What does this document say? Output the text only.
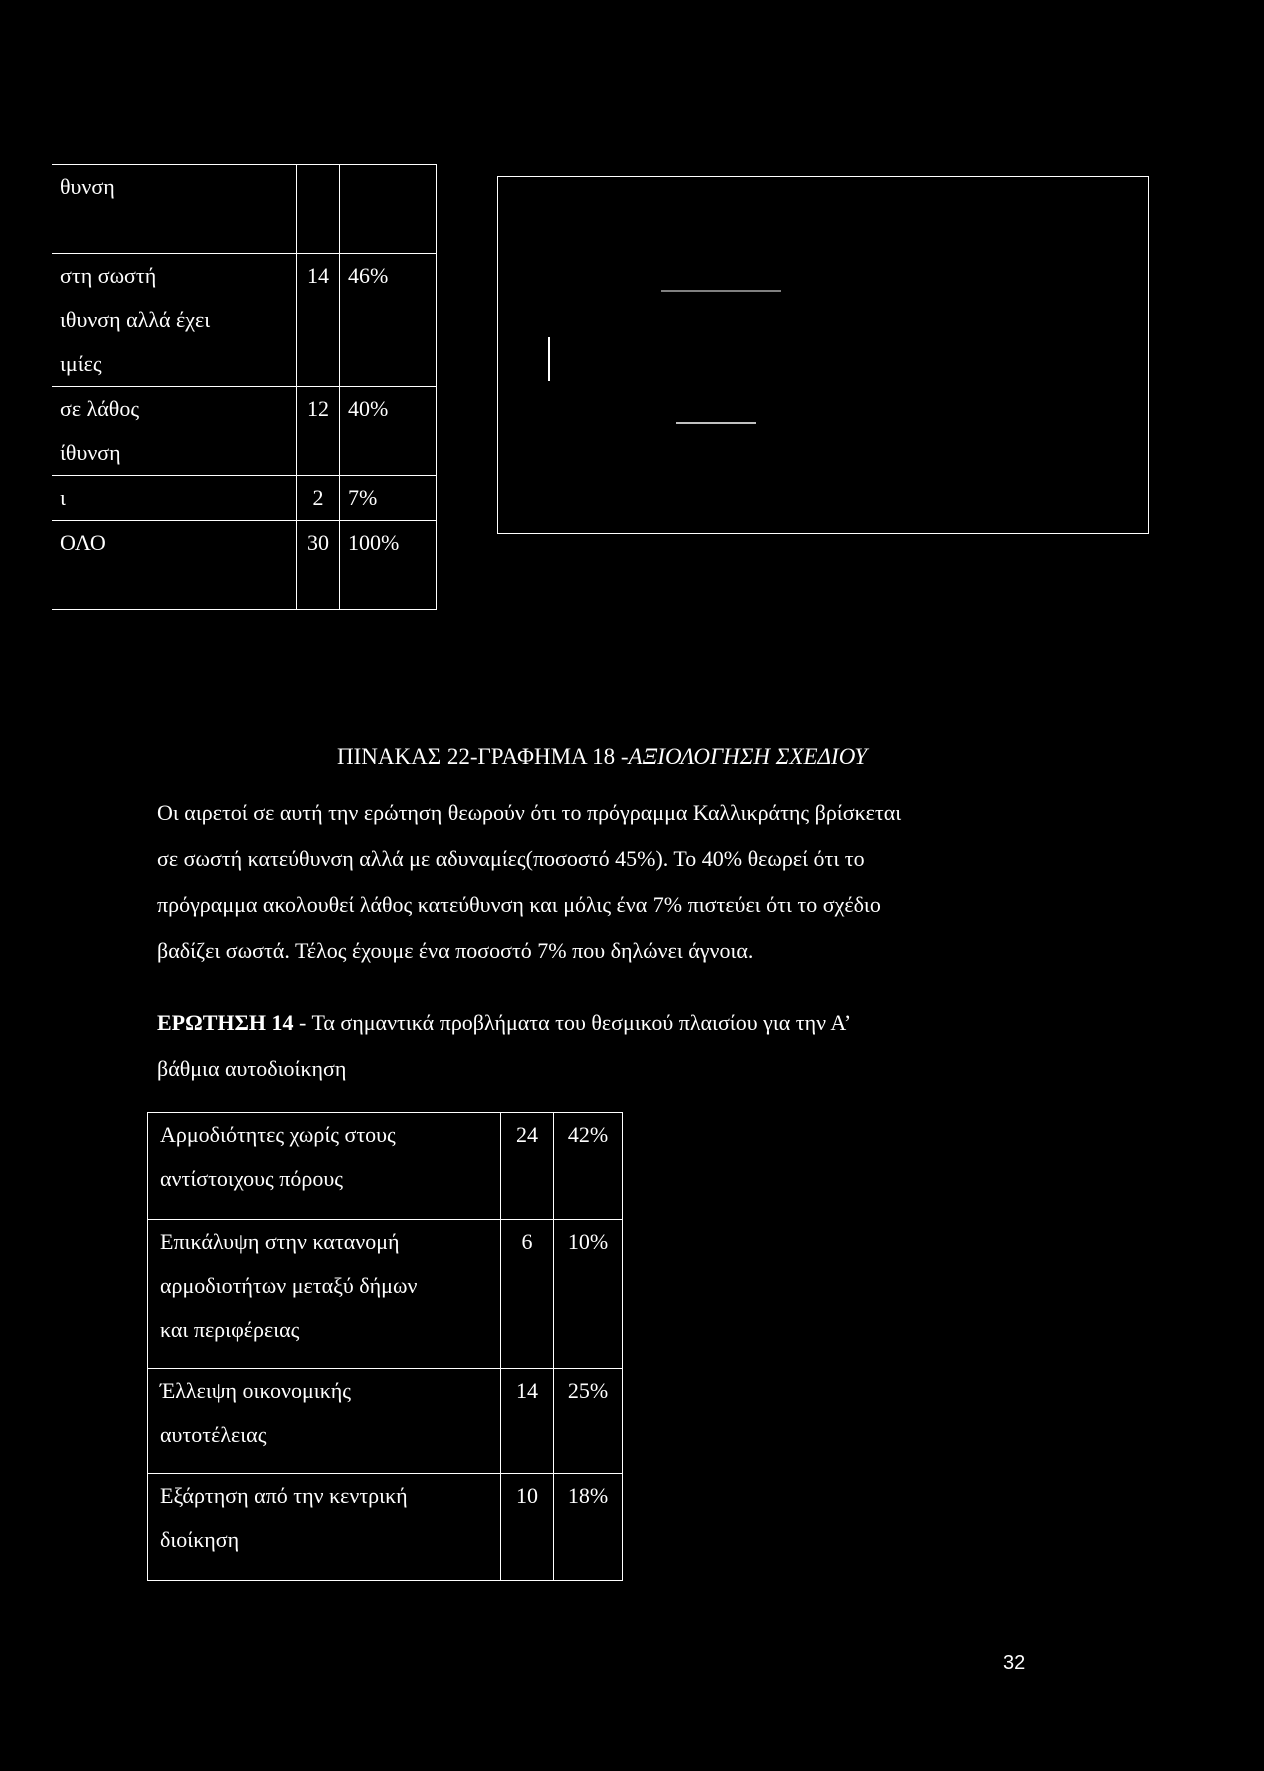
θυνση		

στη σωστή
ιθυνση αλλά έχει
ιμίες	14	46%

σε λάθος
ίθυνση	12	40%

ι	2	7%

ΟΛΟ	30	100%
ΠΙΝΑΚΑΣ 22-ΓΡΑΦΗΜΑ 18 -ΑΞΙΟΛΟΓΗΣΗ ΣΧΕΔΙΟΥ
Οι αιρετοί σε αυτή την ερώτηση θεωρούν ότι το πρόγραμμα Καλλικράτης βρίσκεται
σε σωστή κατεύθυνση αλλά με αδυναμίες(ποσοστό 45%). Το 40% θεωρεί ότι το
πρόγραμμα ακολουθεί λάθος κατεύθυνση και μόλις ένα 7% πιστεύει ότι το σχέδιο
βαδίζει σωστά. Τέλος έχουμε ένα ποσοστό 7% που δηλώνει άγνοια.
ΕΡΩΤΗΣΗ 14 - Τα σημαντικά προβλήματα του θεσμικού πλαισίου για την Α’
βάθμια αυτοδιοίκηση
Αρμοδιότητες χωρίς στους
αντίστοιχους πόρους	24	42%

Επικάλυψη στην κατανομή
αρμοδιοτήτων μεταξύ δήμων
και περιφέρειας	6	10%

Έλλειψη οικονομικής
αυτοτέλειας	14	25%

Εξάρτηση από την κεντρική
διοίκηση	10	18%
32
